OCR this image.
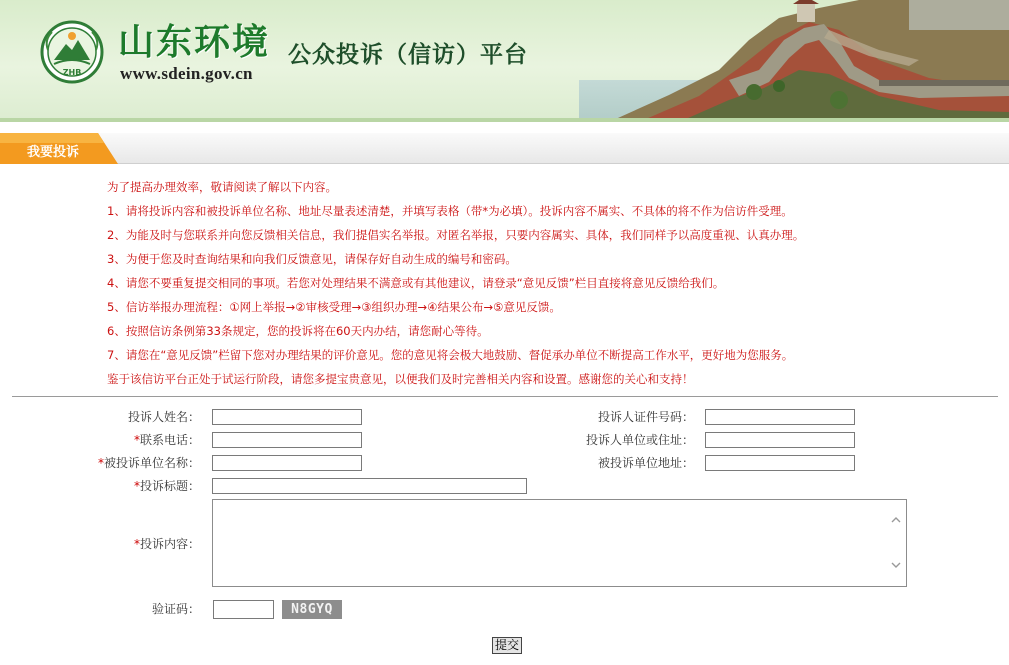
ZHB
山东环境
www.sdein.gov.cn
公众投诉（信访）平台
我要投诉
为了提高办理效率，敬请阅读了解以下内容。
1、请将投诉内容和被投诉单位名称、地址尽量表述清楚，并填写表格（带*为必填）。投诉内容不属实、不具体的将不作为信访件受理。
2、为能及时与您联系并向您反馈相关信息，我们提倡实名举报。对匿名举报，只要内容属实、具体，我们同样予以高度重视、认真办理。
3、为便于您及时查询结果和向我们反馈意见，请保存好自动生成的编号和密码。
4、请您不要重复提交相同的事项。若您对处理结果不满意或有其他建议，请登录“意见反馈”栏目直接将意见反馈给我们。
5、信访举报办理流程：①网上举报→②审核受理→③组织办理→④结果公布→⑤意见反馈。
6、按照信访条例第33条规定，您的投诉将在60天内办结，请您耐心等待。
7、请您在“意见反馈”栏留下您对办理结果的评价意见。您的意见将会极大地鼓励、督促承办单位不断提高工作水平，更好地为您服务。
鉴于该信访平台正处于试运行阶段，请您多提宝贵意见，以便我们及时完善相关内容和设置。感谢您的关心和支持！
投诉人姓名：	投诉人证件号码：
*联系电话：	投诉人单位或住址：
*被投诉单位名称：	被投诉单位地址：
*投诉标题：
*投诉内容：
验证码：	N8GYQ
提交
